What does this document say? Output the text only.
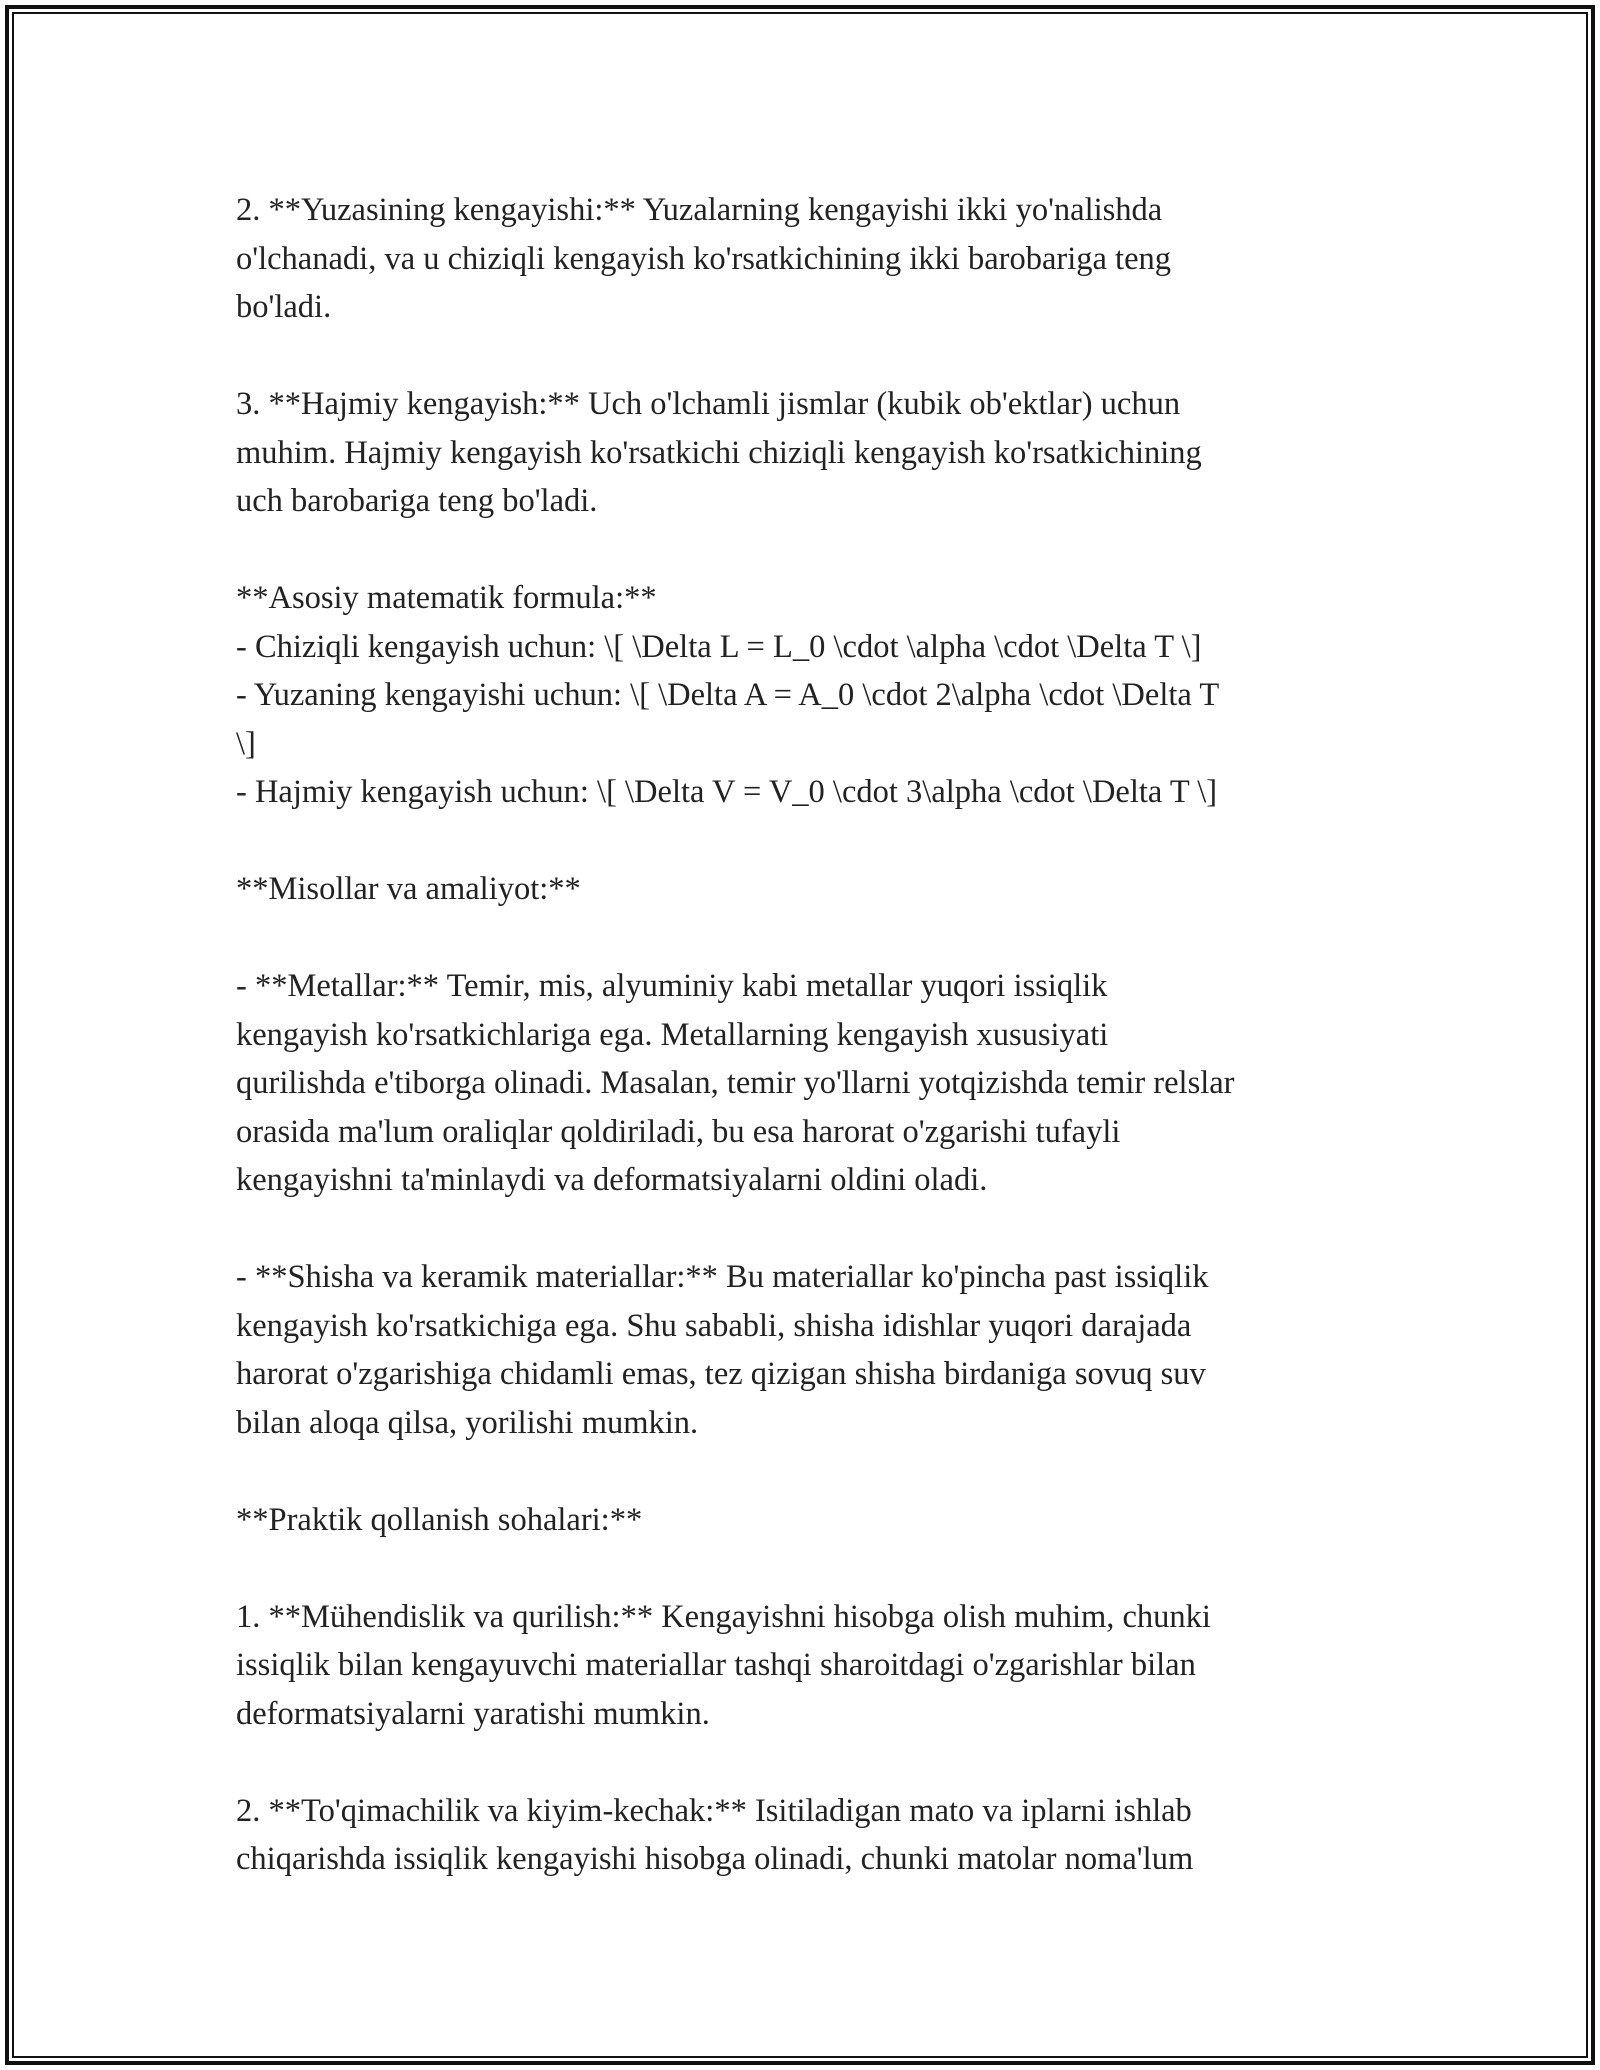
2. **Yuzasining kengayishi:** Yuzalarning kengayishi ikki yo'nalishda
o'lchanadi, va u chiziqli kengayish ko'rsatkichining ikki barobariga teng
bo'ladi.

3. **Hajmiy kengayish:** Uch o'lchamli jismlar (kubik ob'ektlar) uchun
muhim. Hajmiy kengayish ko'rsatkichi chiziqli kengayish ko'rsatkichining
uch barobariga teng bo'ladi.

**Asosiy matematik formula:**
- Chiziqli kengayish uchun: \[ \Delta L = L_0 \cdot \alpha \cdot \Delta T \]
- Yuzaning kengayishi uchun: \[ \Delta A = A_0 \cdot 2\alpha \cdot \Delta T
\]
- Hajmiy kengayish uchun: \[ \Delta V = V_0 \cdot 3\alpha \cdot \Delta T \]

**Misollar va amaliyot:**

- **Metallar:** Temir, mis, alyuminiy kabi metallar yuqori issiqlik
kengayish ko'rsatkichlariga ega. Metallarning kengayish xususiyati
qurilishda e'tiborga olinadi. Masalan, temir yo'llarni yotqizishda temir relslar
orasida ma'lum oraliqlar qoldiriladi, bu esa harorat o'zgarishi tufayli
kengayishni ta'minlaydi va deformatsiyalarni oldini oladi.

- **Shisha va keramik materiallar:** Bu materiallar ko'pincha past issiqlik
kengayish ko'rsatkichiga ega. Shu sababli, shisha idishlar yuqori darajada
harorat o'zgarishiga chidamli emas, tez qizigan shisha birdaniga sovuq suv
bilan aloqa qilsa, yorilishi mumkin.

**Praktik qollanish sohalari:**

1. **Mühendislik va qurilish:** Kengayishni hisobga olish muhim, chunki
issiqlik bilan kengayuvchi materiallar tashqi sharoitdagi o'zgarishlar bilan
deformatsiyalarni yaratishi mumkin.

2. **To'qimachilik va kiyim-kechak:** Isitiladigan mato va iplarni ishlab
chiqarishda issiqlik kengayishi hisobga olinadi, chunki matolar noma'lum
